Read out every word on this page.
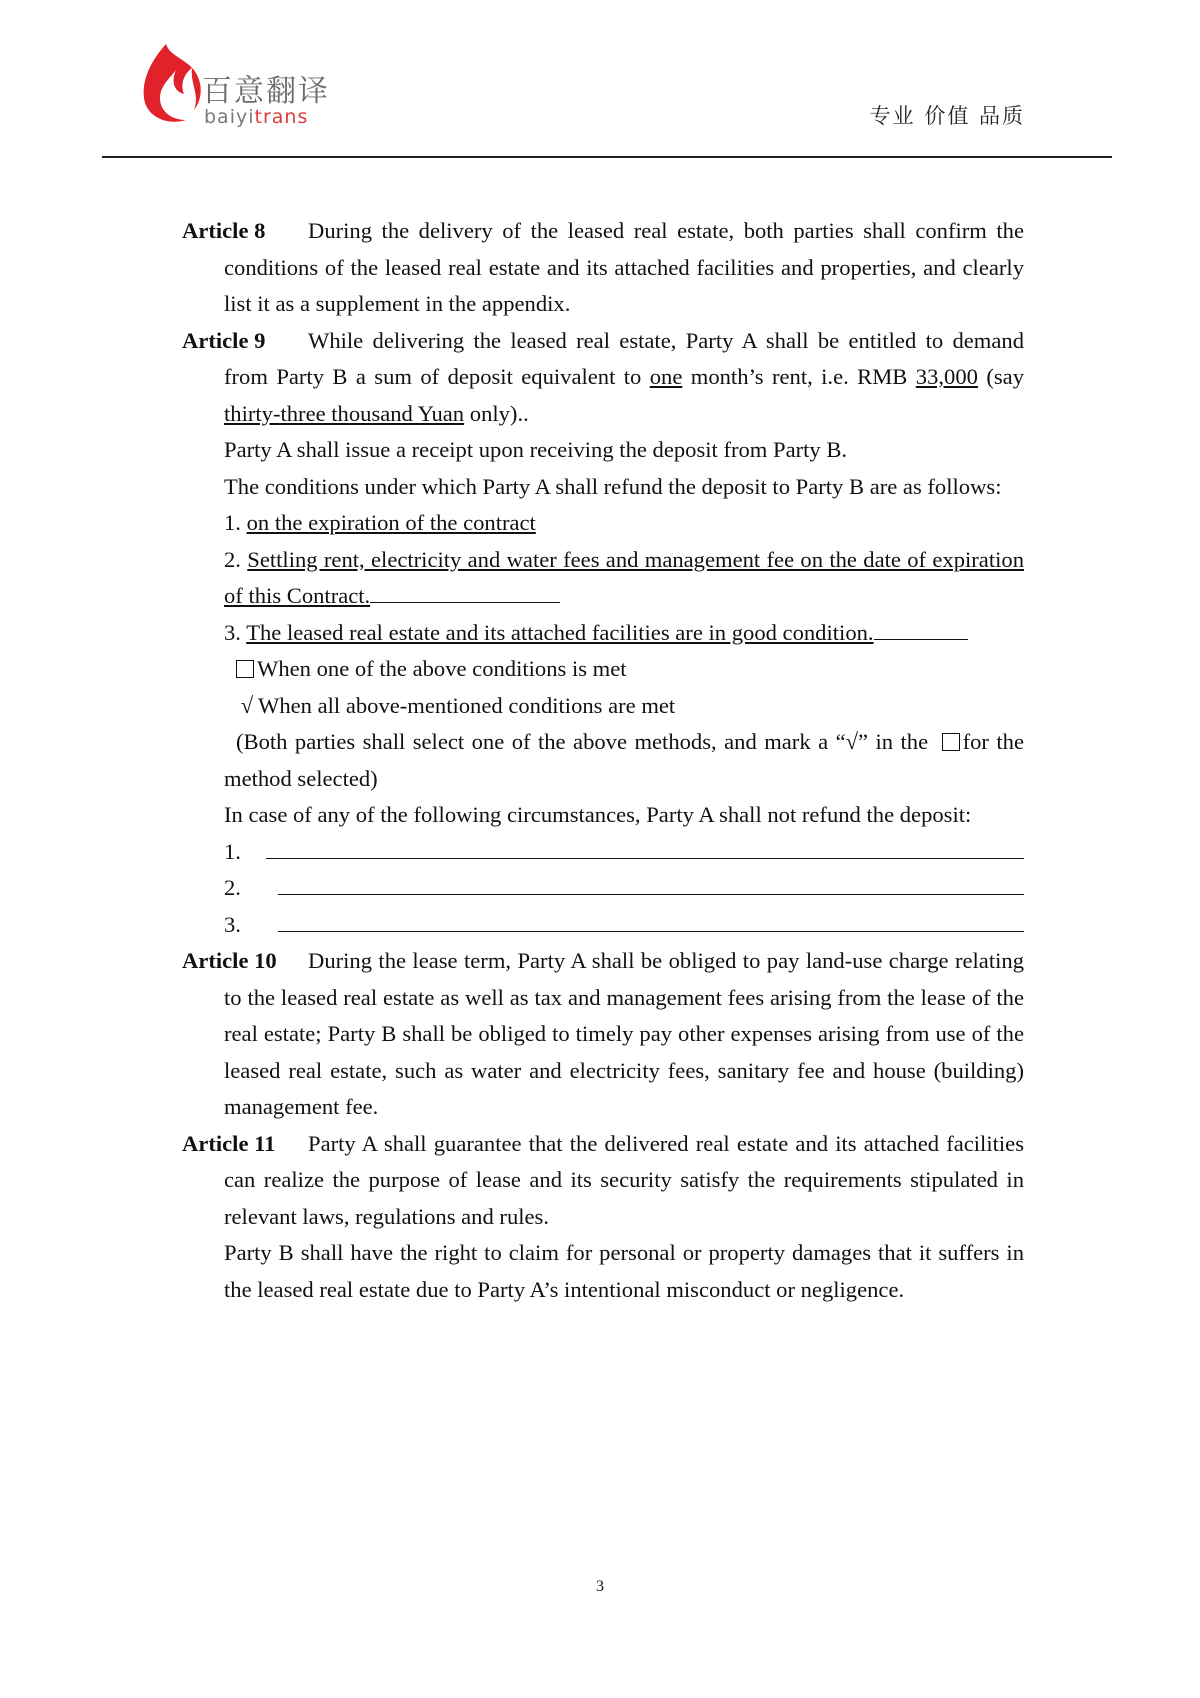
百意翻译
baiyitrans	专业 价值 品质
Article 8 During the delivery of the leased real estate, both parties shall confirm the conditions of the leased real estate and its attached facilities and properties, and clearly list it as a supplement in the appendix.
Article 9 While delivering the leased real estate, Party A shall be entitled to demand from Party B a sum of deposit equivalent to one month’s rent, i.e. RMB 33,000 (say thirty-three thousand Yuan only)..
Party A shall issue a receipt upon receiving the deposit from Party B.
The conditions under which Party A shall refund the deposit to Party B are as follows:
1. on the expiration of the contract
2. Settling rent, electricity and water fees and management fee on the date of expiration of this Contract.
3. The leased real estate and its attached facilities are in good condition.
When one of the above conditions is met
√ When all above-mentioned conditions are met
(Both parties shall select one of the above methods, and mark a “√” in the for the method selected)
In case of any of the following circumstances, Party A shall not refund the deposit:
1.
2.
3.
Article 10 During the lease term, Party A shall be obliged to pay land-use charge relating to the leased real estate as well as tax and management fees arising from the lease of the real estate; Party B shall be obliged to timely pay other expenses arising from use of the leased real estate, such as water and electricity fees, sanitary fee and house (building) management fee.
Article 11 Party A shall guarantee that the delivered real estate and its attached facilities can realize the purpose of lease and its security satisfy the requirements stipulated in relevant laws, regulations and rules.
Party B shall have the right to claim for personal or property damages that it suffers in the leased real estate due to Party A’s intentional misconduct or negligence.
3
